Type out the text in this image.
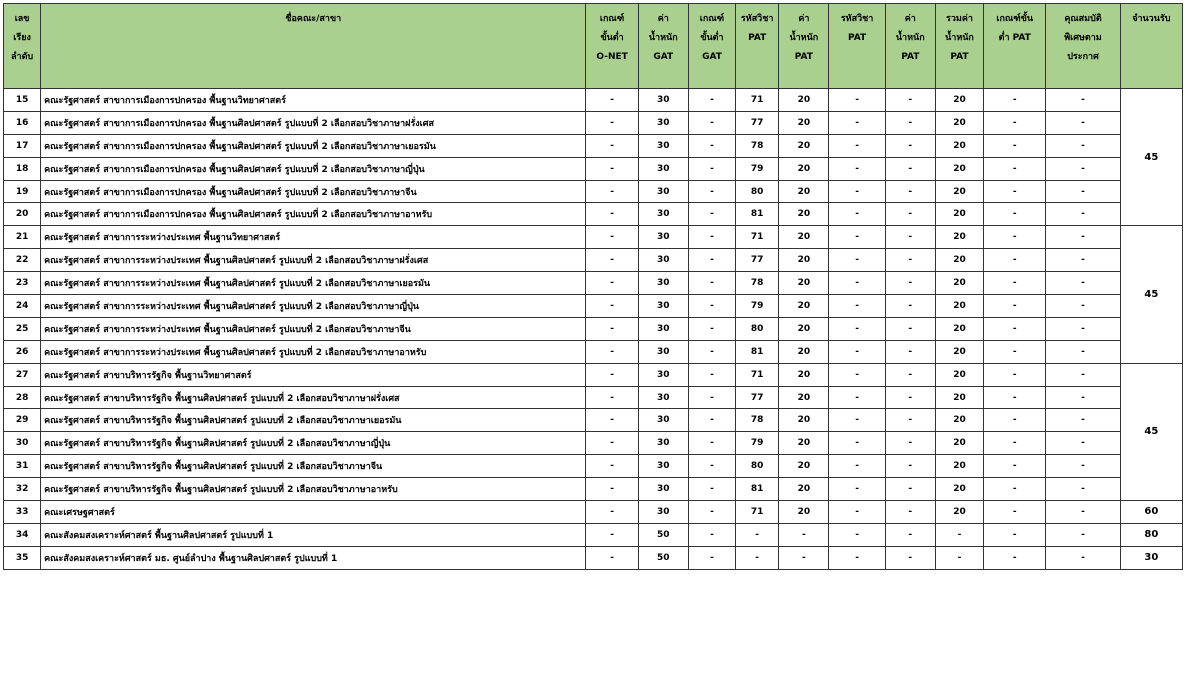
เลข
เรียง
ลำดับ	ชื่อคณะ/สาขา	เกณฑ์
ขั้นต่ำ
O-NET	ค่า
น้ำหนัก
GAT	เกณฑ์
ขั้นต่ำ
GAT	รหัสวิชา
PAT	ค่า
น้ำหนัก
PAT	รหัสวิชา
PAT	ค่า
น้ำหนัก
PAT	รวมค่า
น้ำหนัก
PAT	เกณฑ์ขั้น
ต่ำ PAT	คุณสมบัติ
พิเศษตาม
ประกาศ	จำนวนรับ

15	คณะรัฐศาสตร์ สาขาการเมืองการปกครอง พื้นฐานวิทยาศาสตร์	-	30	-	71	20	-	-	20	-	-	45
16	คณะรัฐศาสตร์ สาขาการเมืองการปกครอง พื้นฐานศิลปศาสตร์ รูปแบบที่ 2 เลือกสอบวิชาภาษาฝรั่งเศส	-	30	-	77	20	-	-	20	-	-	
17	คณะรัฐศาสตร์ สาขาการเมืองการปกครอง พื้นฐานศิลปศาสตร์ รูปแบบที่ 2 เลือกสอบวิชาภาษาเยอรมัน	-	30	-	78	20	-	-	20	-	-	
18	คณะรัฐศาสตร์ สาขาการเมืองการปกครอง พื้นฐานศิลปศาสตร์ รูปแบบที่ 2 เลือกสอบวิชาภาษาญี่ปุ่น	-	30	-	79	20	-	-	20	-	-	
19	คณะรัฐศาสตร์ สาขาการเมืองการปกครอง พื้นฐานศิลปศาสตร์ รูปแบบที่ 2 เลือกสอบวิชาภาษาจีน	-	30	-	80	20	-	-	20	-	-	
20	คณะรัฐศาสตร์ สาขาการเมืองการปกครอง พื้นฐานศิลปศาสตร์ รูปแบบที่ 2 เลือกสอบวิชาภาษาอาหรับ	-	30	-	81	20	-	-	20	-	-	
21	คณะรัฐศาสตร์ สาขาการระหว่างประเทศ พื้นฐานวิทยาศาสตร์	-	30	-	71	20	-	-	20	-	-	45
22	คณะรัฐศาสตร์ สาขาการระหว่างประเทศ พื้นฐานศิลปศาสตร์ รูปแบบที่ 2 เลือกสอบวิชาภาษาฝรั่งเศส	-	30	-	77	20	-	-	20	-	-	
23	คณะรัฐศาสตร์ สาขาการระหว่างประเทศ พื้นฐานศิลปศาสตร์ รูปแบบที่ 2 เลือกสอบวิชาภาษาเยอรมัน	-	30	-	78	20	-	-	20	-	-	
24	คณะรัฐศาสตร์ สาขาการระหว่างประเทศ พื้นฐานศิลปศาสตร์ รูปแบบที่ 2 เลือกสอบวิชาภาษาญี่ปุ่น	-	30	-	79	20	-	-	20	-	-	
25	คณะรัฐศาสตร์ สาขาการระหว่างประเทศ พื้นฐานศิลปศาสตร์ รูปแบบที่ 2 เลือกสอบวิชาภาษาจีน	-	30	-	80	20	-	-	20	-	-	
26	คณะรัฐศาสตร์ สาขาการระหว่างประเทศ พื้นฐานศิลปศาสตร์ รูปแบบที่ 2 เลือกสอบวิชาภาษาอาหรับ	-	30	-	81	20	-	-	20	-	-	
27	คณะรัฐศาสตร์ สาขาบริหารรัฐกิจ พื้นฐานวิทยาศาสตร์	-	30	-	71	20	-	-	20	-	-	45
28	คณะรัฐศาสตร์ สาขาบริหารรัฐกิจ พื้นฐานศิลปศาสตร์ รูปแบบที่ 2 เลือกสอบวิชาภาษาฝรั่งเศส	-	30	-	77	20	-	-	20	-	-	
29	คณะรัฐศาสตร์ สาขาบริหารรัฐกิจ พื้นฐานศิลปศาสตร์ รูปแบบที่ 2 เลือกสอบวิชาภาษาเยอรมัน	-	30	-	78	20	-	-	20	-	-	
30	คณะรัฐศาสตร์ สาขาบริหารรัฐกิจ พื้นฐานศิลปศาสตร์ รูปแบบที่ 2 เลือกสอบวิชาภาษาญี่ปุ่น	-	30	-	79	20	-	-	20	-	-	
31	คณะรัฐศาสตร์ สาขาบริหารรัฐกิจ พื้นฐานศิลปศาสตร์ รูปแบบที่ 2 เลือกสอบวิชาภาษาจีน	-	30	-	80	20	-	-	20	-	-	
32	คณะรัฐศาสตร์ สาขาบริหารรัฐกิจ พื้นฐานศิลปศาสตร์ รูปแบบที่ 2 เลือกสอบวิชาภาษาอาหรับ	-	30	-	81	20	-	-	20	-	-	
33	คณะเศรษฐศาสตร์	-	30	-	71	20	-	-	20	-	-	60
34	คณะสังคมสงเคราะห์ศาสตร์ พื้นฐานศิลปศาสตร์ รูปแบบที่ 1	-	50	-	-	-	-	-	-	-	-	80
35	คณะสังคมสงเคราะห์ศาสตร์ มธ. ศูนย์ลำปาง พื้นฐานศิลปศาสตร์ รูปแบบที่ 1	-	50	-	-	-	-	-	-	-	-	30
